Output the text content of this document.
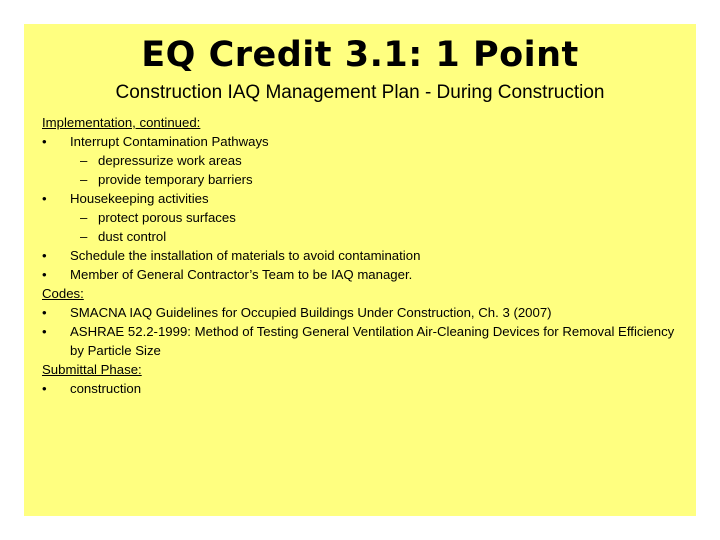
EQ Credit 3.1: 1 Point
Construction IAQ Management Plan - During Construction
Implementation, continued:
•	Interrupt Contamination Pathways
– depressurize work areas
– provide temporary barriers
•	Housekeeping activities
– protect porous surfaces
– dust control
•	Schedule the installation of materials to avoid contamination
•	Member of General Contractor’s Team to be IAQ manager.
Codes:
•	SMACNA IAQ Guidelines for Occupied Buildings Under Construction, Ch. 3 (2007)
•	ASHRAE 52.2-1999: Method of Testing General Ventilation Air-Cleaning Devices for Removal Efficiency by Particle Size
Submittal Phase:
•	construction
